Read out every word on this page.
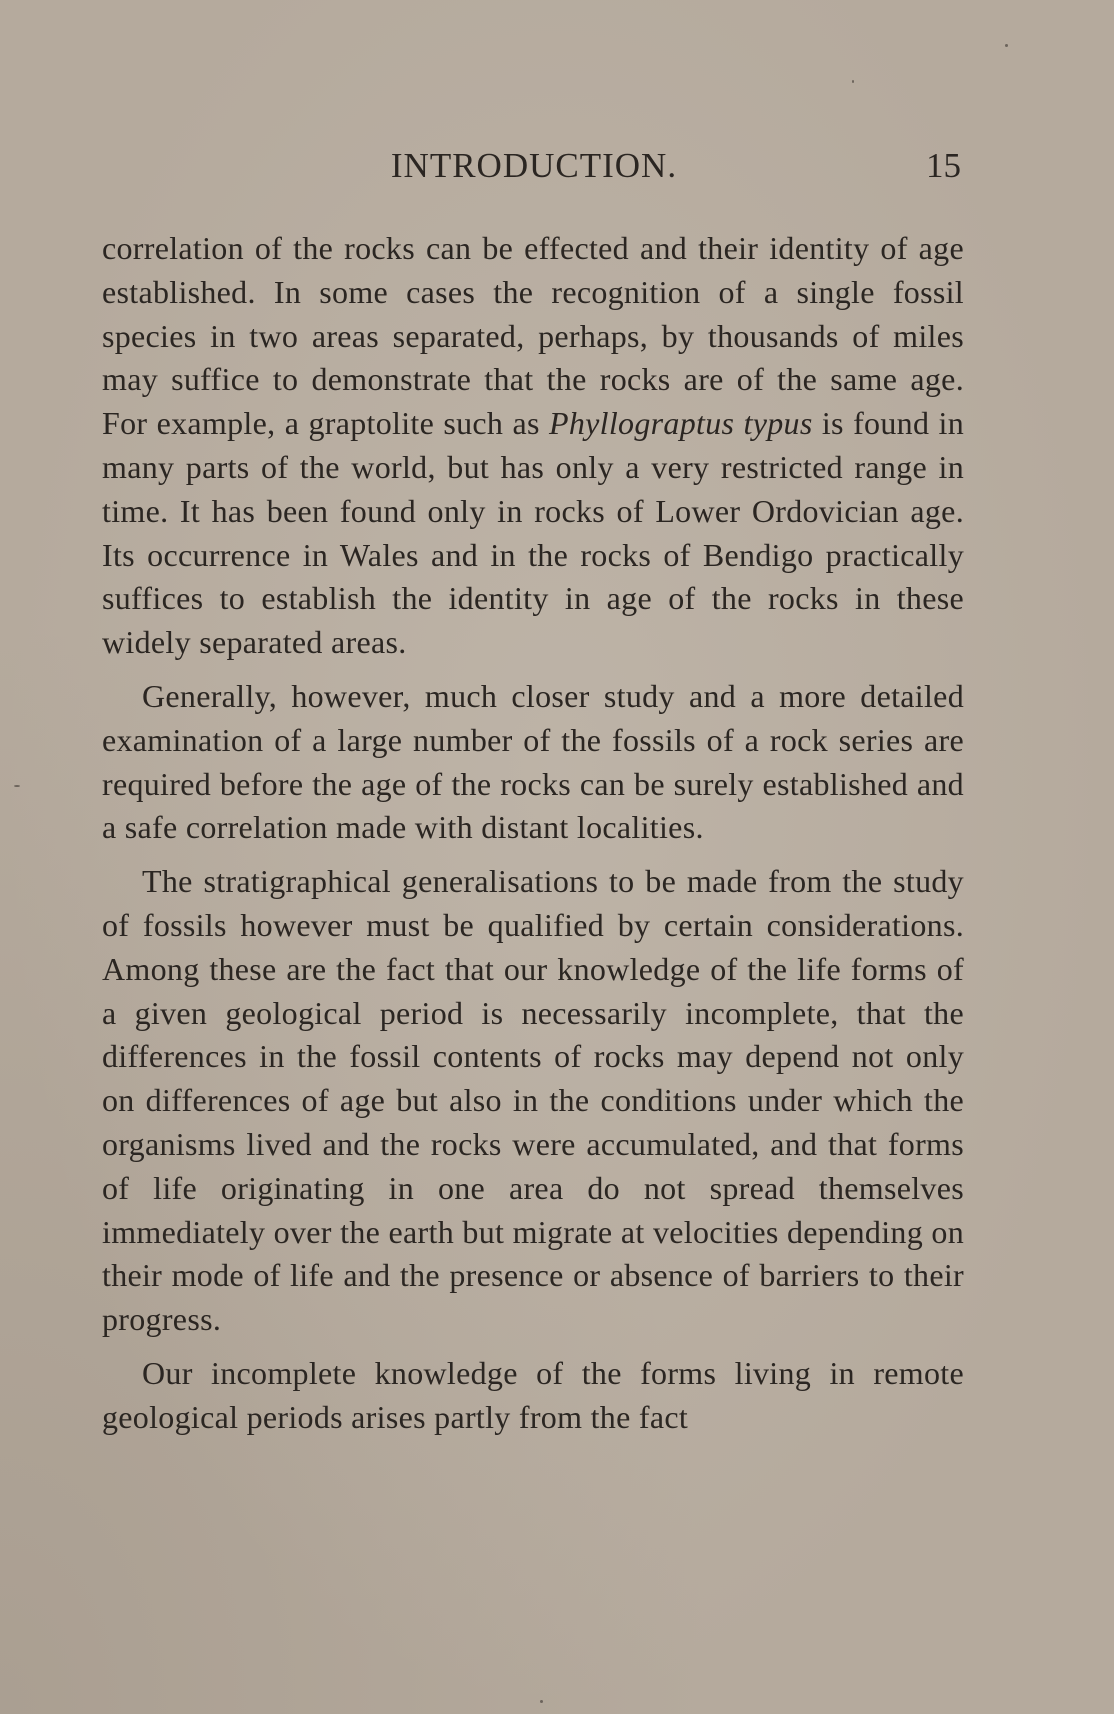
INTRODUCTION.	15

correlation of the rocks can be effected and their identity of age established. In some cases the recognition of a single fossil species in two areas separated, perhaps, by thousands of miles may suffice to demonstrate that the rocks are of the same age. For example, a graptolite such as Phyllograptus typus is found in many parts of the world, but has only a very restricted range in time. It has been found only in rocks of Lower Ordovician age. Its occurrence in Wales and in the rocks of Bendigo practically suffices to establish the identity in age of the rocks in these widely separated areas.

Generally, however, much closer study and a more detailed examination of a large number of the fossils of a rock series are required before the age of the rocks can be surely established and a safe correlation made with distant localities.

The stratigraphical generalisations to be made from the study of fossils however must be qualified by certain considerations. Among these are the fact that our knowledge of the life forms of a given geological period is necessarily incomplete, that the differences in the fossil contents of rocks may depend not only on differences of age but also in the conditions under which the organisms lived and the rocks were accumulated, and that forms of life originating in one area do not spread themselves immediately over the earth but migrate at velocities depending on their mode of life and the presence or absence of barriers to their progress.

Our incomplete knowledge of the forms living in remote geological periods arises partly from the fact
